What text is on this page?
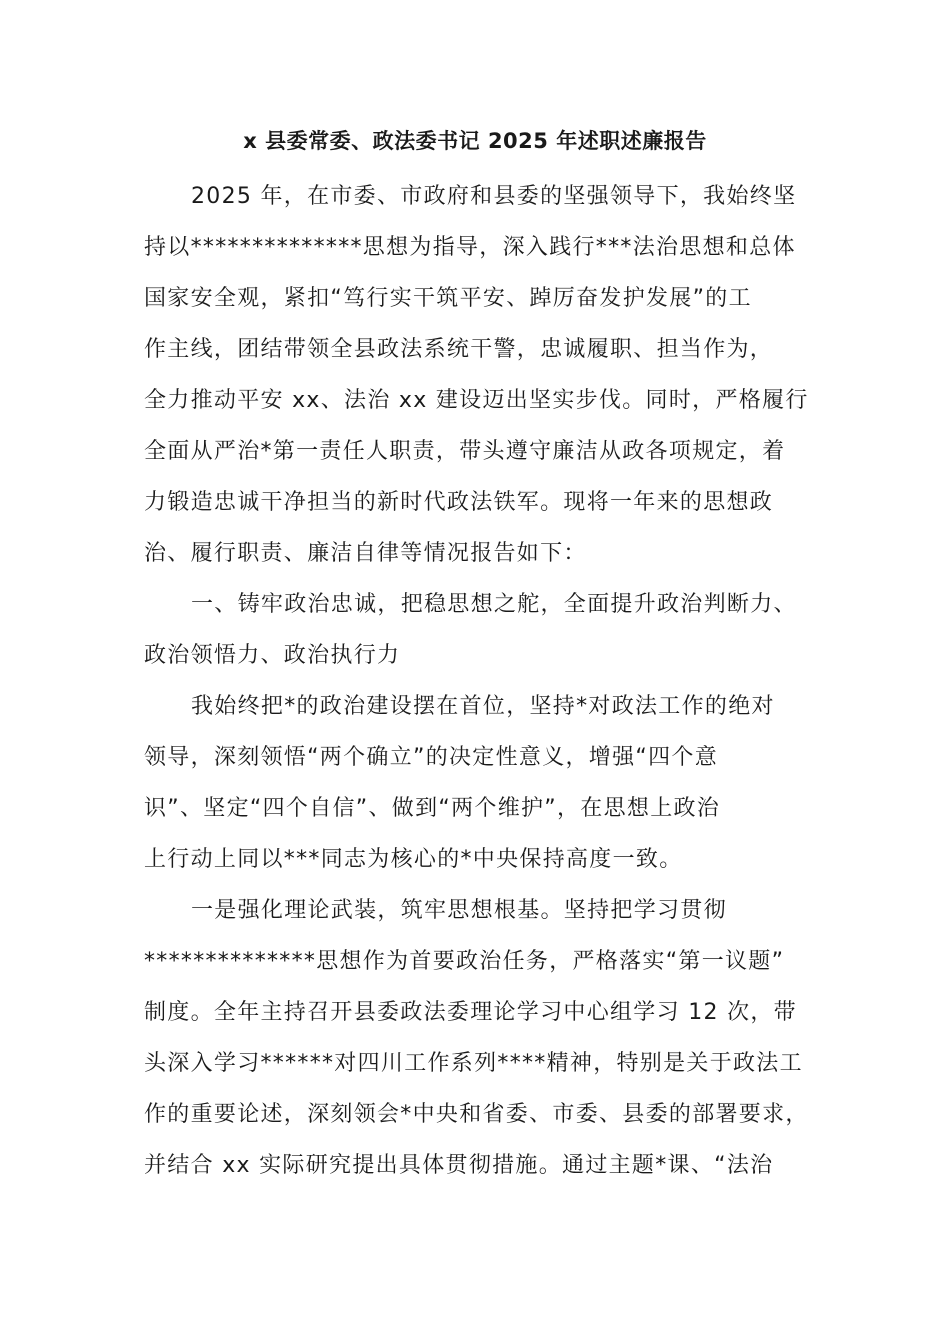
x 县委常委、政法委书记 2025 年述职述廉报告
2025 年，在市委、市政府和县委的坚强领导下，我始终坚
持以**************思想为指导，深入践行***法治思想和总体
国家安全观，紧扣“笃行实干筑平安、踔厉奋发护发展”的工
作主线，团结带领全县政法系统干警，忠诚履职、担当作为，
全力推动平安 xx、法治 xx 建设迈出坚实步伐。同时，严格履行
全面从严治*第一责任人职责，带头遵守廉洁从政各项规定，着
力锻造忠诚干净担当的新时代政法铁军。现将一年来的思想政
治、履行职责、廉洁自律等情况报告如下：
一、铸牢政治忠诚，把稳思想之舵，全面提升政治判断力、
政治领悟力、政治执行力
我始终把*的政治建设摆在首位，坚持*对政法工作的绝对
领导，深刻领悟“两个确立”的决定性意义，增强“四个意
识”、坚定“四个自信”、做到“两个维护”，在思想上政治
上行动上同以***同志为核心的*中央保持高度一致。
一是强化理论武装，筑牢思想根基。坚持把学习贯彻
**************思想作为首要政治任务，严格落实“第一议题”
制度。全年主持召开县委政法委理论学习中心组学习 12 次，带
头深入学习******对四川工作系列****精神，特别是关于政法工
作的重要论述，深刻领会*中央和省委、市委、县委的部署要求，
并结合 xx 实际研究提出具体贯彻措施。通过主题*课、“法治
